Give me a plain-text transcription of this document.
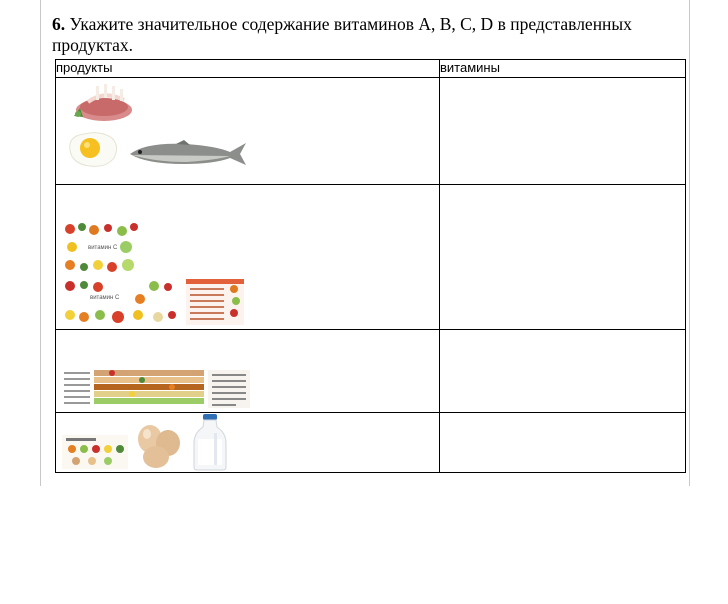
6. Укажите значительное содержание витаминов А, В, С, D в представленных продуктах.
продукты	витамины

витамин С
витамин С	
